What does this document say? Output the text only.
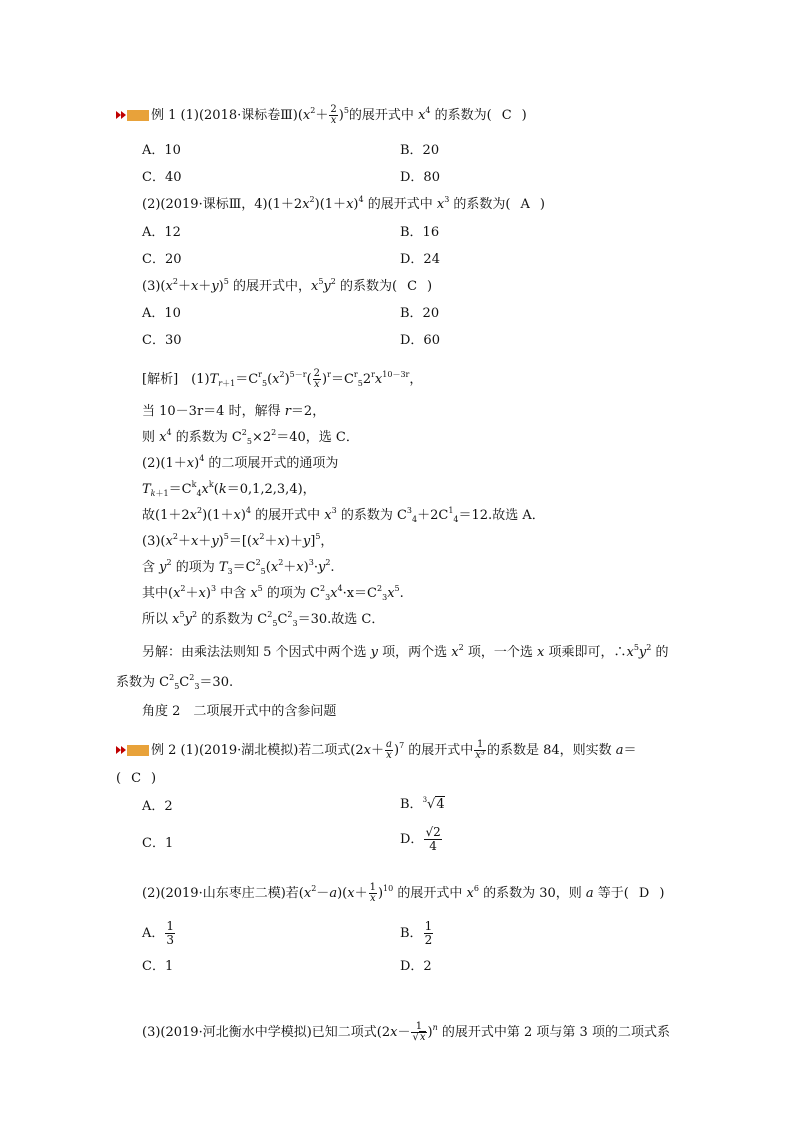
例 1 (1)(2018·课标卷$Ⅲ)(x^2+ \frac{2}{x} )^5$的展开式中 $x^4$ 的系数为( C )
A．10	B．20
C．40	D．80
(2)(2019·课标Ⅲ，$4)(1+2x^2)(1+x)^4$ 的展开式中 $x^3$ 的系数为( A )
A．12	B．16
C．20	D．24
$(3)(x^2+x+y)^5$ 的展开式中，$x^5y^2$ 的系数为( C )
A．10	B．20
C．30	D．60
[解析]　 $(1)T_{r+1}=C^r_5(x^2)^{5-r}( \frac{2}{x} )^r=C^r_52^rx^{10-3r}$，
当 10－3r＝4 时，解得 r＝2，
则 $x^4$ 的系数为 $C^2_5\times 2^2=40$，选 C．
$(2)(1+x)^4$ 的二项展开式的通项为
$T_{k+1}=C^k_4x^k(k=0,1,2,3,4)$，
故$(1+2x^2)(1+x)^4$ 的展开式中 $x^3$ 的系数为 $C^3_4+2C^1_4=12$.故选 A．
$(3)(x^2+x+y)^5=[(x^2+x)+y]^5$，
含 $y^2$ 的项为 $T_3=C^2_5(x^2+x)^3\cdot y^2$.
其中$(x^2+x)^3$ 中含 $x^5$ 的项为 $C^2_3x^4\cdot x=C^2_3x^5$.
所以 $x^5y^2$ 的系数为 $C^2_5C^2_3=30$.故选 C．
另解：由乘法法则知 5 个因式中两个选 y 项，两个选 $x^2$ 项，一个选 x 项乘即可，$\therefore x^5y^2$ 的
系数为 $C^2_5C^2_3=30$.
角度 2　二项展开式中的含参问题
例 2 (1)(2019·湖北模拟)若二项式$(2x+ \frac{a}{x} )^7$ 的展开式中 $\frac{1}{\text{x³}}$ 的系数是 84，则实数 a＝
( C )
A．2	B．$^3$√4
C．1	D． $\frac{√2}{4}$
(2)(2019·山东枣庄二模)若$(x^2-a)(x+ \frac{1}{x} )^{10}$ 的展开式中 $x^6$ 的系数为 30，则 a 等于( D )
A． $\frac{1}{3}$	B． $\frac{1}{2}$
C．1	D．2
(3)(2019·河北衡水中学模拟)已知二项式$(2x- \frac{1}{√x} )^n$ 的展开式中第 2 项与第 3 项的二项式系
